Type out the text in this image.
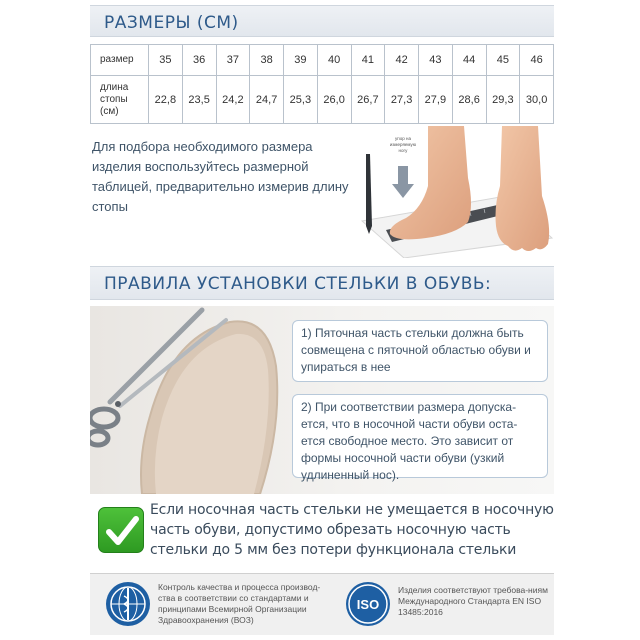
РАЗМЕРЫ (СМ)
размер	35	36	37	38	39	40	41	42	43	44	45	46

длина
стопы
(см)	22,8	23,5	24,2	24,7	25,3	26,0	26,7	27,3	27,9	28,6	29,3	30,0
Для подбора необходимого размера изделия воспользуйтесь размерной таблицей, предварительно измерив длину стопы
упор на
измеряемую
ногу
ПРАВИЛА УСТАНОВКИ СТЕЛЬКИ В ОБУВЬ:
1) Пяточная часть стельки должна быть совмещена с пяточной областью обуви и упираться в нее
2) При соответствии размера допуска-ется, что в носочной части обуви оста-ется свободное место. Это зависит от формы носочной части обуви (узкий удлиненный нос).
Если носочная часть стельки не умещается в носочную часть обуви, допустимо обрезать носочную часть стельки до 5 мм без потери функционала стельки
Контроль качества и процесса производ-ства в соответствии со стандартами и принципами Всемирной Организации Здравоохранения (ВОЗ)
ISO
Изделия соответствуют требова-ниям Международного Стандарта EN ISO 13485:2016
